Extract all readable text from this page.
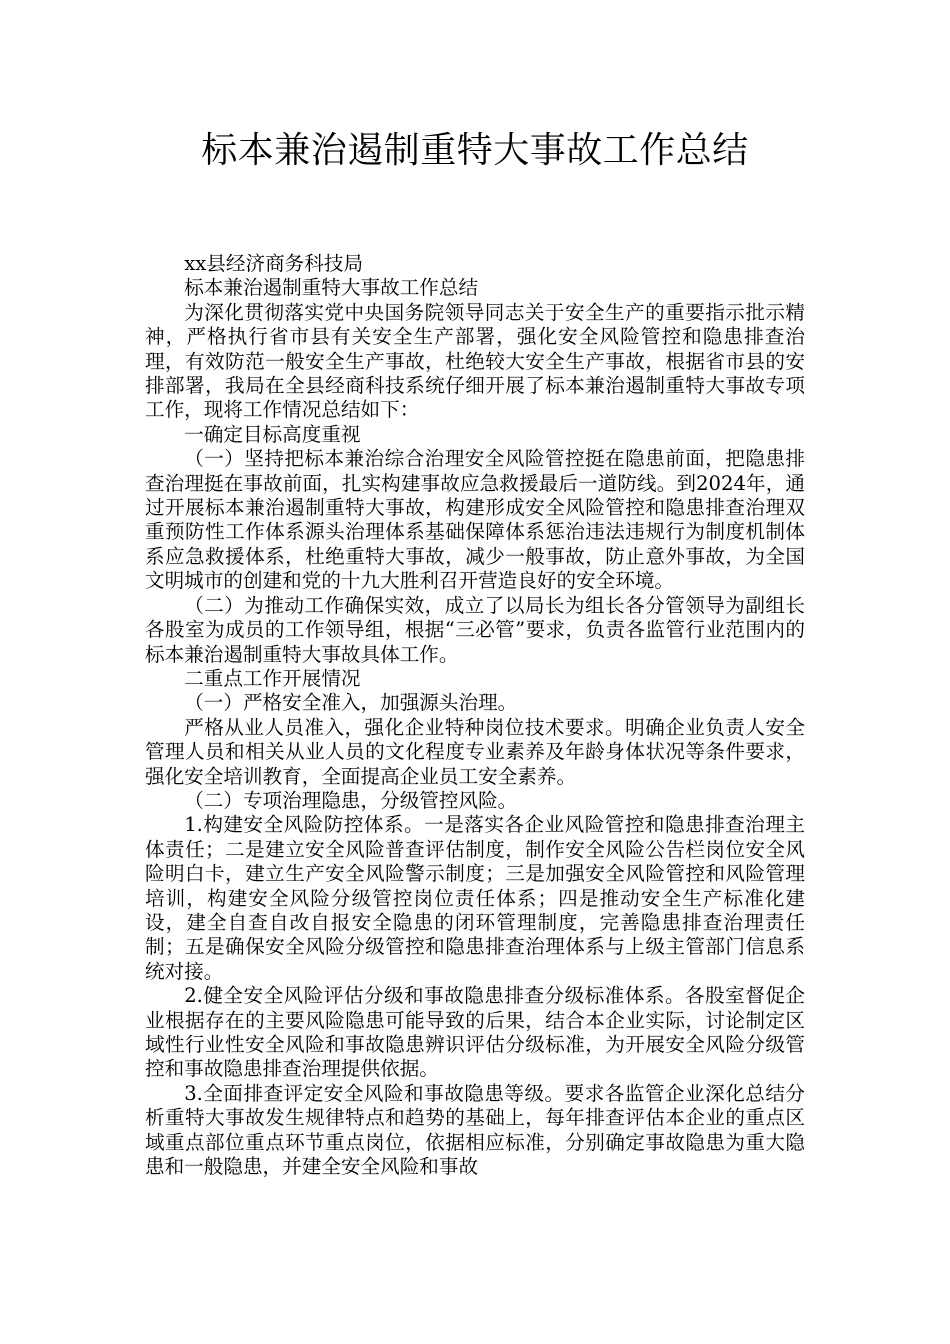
标本兼治遏制重特大事故工作总结

xx县经济商务科技局

标本兼治遏制重特大事故工作总结

为深化贯彻落实党中央国务院领导同志关于安全生产的重要指示批示精神，严格执行省市县有关安全生产部署，强化安全风险管控和隐患排查治理，有效防范一般安全生产事故，杜绝较大安全生产事故，根据省市县的安排部署，我局在全县经商科技系统仔细开展了标本兼治遏制重特大事故专项工作，现将工作情况总结如下：

一确定目标高度重视

（一）坚持把标本兼治综合治理安全风险管控挺在隐患前面，把隐患排查治理挺在事故前面，扎实构建事故应急救援最后一道防线。到2024年，通过开展标本兼治遏制重特大事故，构建形成安全风险管控和隐患排查治理双重预防性工作体系源头治理体系基础保障体系惩治违法违规行为制度机制体系应急救援体系，杜绝重特大事故，减少一般事故，防止意外事故，为全国文明城市的创建和党的十九大胜利召开营造良好的安全环境。

（二）为推动工作确保实效，成立了以局长为组长各分管领导为副组长各股室为成员的工作领导组，根据“三必管”要求，负责各监管行业范围内的标本兼治遏制重特大事故具体工作。

二重点工作开展情况

（一）严格安全准入，加强源头治理。

严格从业人员准入，强化企业特种岗位技术要求。明确企业负责人安全管理人员和相关从业人员的文化程度专业素养及年龄身体状况等条件要求，强化安全培训教育，全面提高企业员工安全素养。

（二）专项治理隐患，分级管控风险。

1.构建安全风险防控体系。一是落实各企业风险管控和隐患排查治理主体责任；二是建立安全风险普查评估制度，制作安全风险公告栏岗位安全风险明白卡，建立生产安全风险警示制度；三是加强安全风险管控和风险管理培训，构建安全风险分级管控岗位责任体系；四是推动安全生产标准化建设，建全自查自改自报安全隐患的闭环管理制度，完善隐患排查治理责任制；五是确保安全风险分级管控和隐患排查治理体系与上级主管部门信息系统对接。

2.健全安全风险评估分级和事故隐患排查分级标准体系。各股室督促企业根据存在的主要风险隐患可能导致的后果，结合本企业实际，讨论制定区域性行业性安全风险和事故隐患辨识评估分级标准，为开展安全风险分级管控和事故隐患排查治理提供依据。

3.全面排查评定安全风险和事故隐患等级。要求各监管企业深化总结分析重特大事故发生规律特点和趋势的基础上，每年排查评估本企业的重点区域重点部位重点环节重点岗位，依据相应标准，分别确定事故隐患为重大隐患和一般隐患，并建全安全风险和事故
